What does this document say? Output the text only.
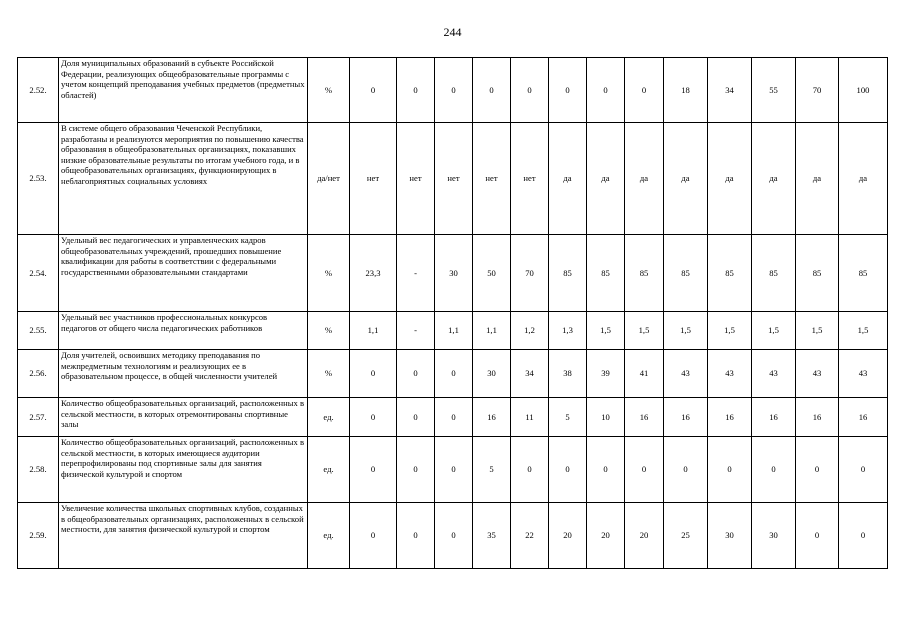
244
2.52.	Доля муниципальных образований в субъекте Российской Федерации, реализующих общеобразовательные программы с учетом концепций преподавания учебных предметов (предметных областей)	%	0	0	0	0	0	0	0	0	18	34	55	70	100
2.53.	В системе общего образования Чеченской Республики, разработаны и реализуются мероприятия по повышению качества образования в общеобразовательных организациях, показавших низкие образовательные результаты по итогам учебного года, и в общеобразовательных организациях, функционирующих в неблагоприятных социальных условиях	да/нет	нет	нет	нет	нет	нет	да	да	да	да	да	да	да	да
2.54.	Удельный вес педагогических и управленческих кадров общеобразовательных учреждений, прошедших повышение квалификации для работы в соответствии с федеральными государственными образовательными стандартами	%	23,3	-	30	50	70	85	85	85	85	85	85	85	85
2.55.	Удельный вес участников профессиональных конкурсов педагогов от общего числа педагогических работников	%	1,1	-	1,1	1,1	1,2	1,3	1,5	1,5	1,5	1,5	1,5	1,5	1,5
2.56.	Доля учителей, освоивших методику преподавания по межпредметным технологиям и реализующих ее в образовательном процессе, в общей численности учителей	%	0	0	0	30	34	38	39	41	43	43	43	43	43
2.57.	Количество общеобразовательных организаций, расположенных в сельской местности, в которых отремонтированы спортивные залы	ед.	0	0	0	16	11	5	10	16	16	16	16	16	16
2.58.	Количество общеобразовательных организаций, расположенных в сельской местности, в которых имеющиеся аудитории перепрофилированы под спортивные залы для занятия физической культурой и спортом	ед.	0	0	0	5	0	0	0	0	0	0	0	0	0
2.59.	Увеличение количества школьных спортивных клубов, созданных в общеобразовательных организациях, расположенных в сельской местности, для занятия физической культурой и спортом	ед.	0	0	0	35	22	20	20	20	25	30	30	0	0
